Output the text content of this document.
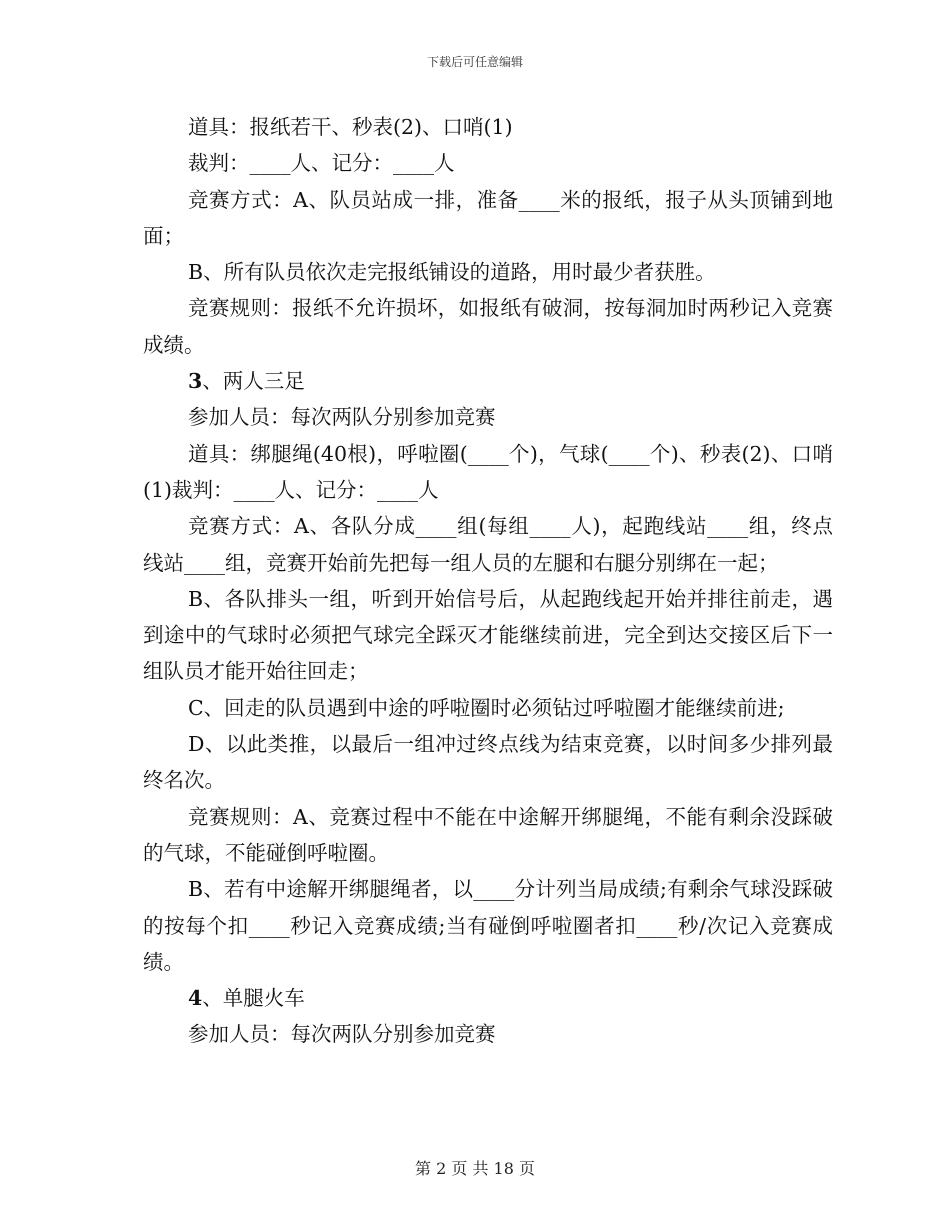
下载后可任意编辑
道具：报纸若干、秒表(2)、口哨(1)
裁判：____人、记分：____人
竞赛方式：A、队员站成一排，准备____米的报纸，报子从头顶铺到地面；
B、所有队员依次走完报纸铺设的道路，用时最少者获胜。
竞赛规则：报纸不允许损坏，如报纸有破洞，按每洞加时两秒记入竞赛成绩。
3、两人三足
参加人员：每次两队分别参加竞赛
道具：绑腿绳(40根)，呼啦圈(____个)，气球(____个)、秒表(2)、口哨(1)裁判：____人、记分：____人
竞赛方式：A、各队分成____组(每组____人)，起跑线站____组，终点线站____组，竞赛开始前先把每一组人员的左腿和右腿分别绑在一起；
B、各队排头一组，听到开始信号后，从起跑线起开始并排往前走，遇到途中的气球时必须把气球完全踩灭才能继续前进，完全到达交接区后下一组队员才能开始往回走；
C、回走的队员遇到中途的呼啦圈时必须钻过呼啦圈才能继续前进;
D、以此类推，以最后一组冲过终点线为结束竞赛，以时间多少排列最终名次。
竞赛规则：A、竞赛过程中不能在中途解开绑腿绳，不能有剩余没踩破的气球，不能碰倒呼啦圈。
B、若有中途解开绑腿绳者，以____分计列当局成绩;有剩余气球没踩破的按每个扣____秒记入竞赛成绩;当有碰倒呼啦圈者扣____秒/次记入竞赛成绩。
4、单腿火车
参加人员：每次两队分别参加竞赛
第 2 页 共 18 页
